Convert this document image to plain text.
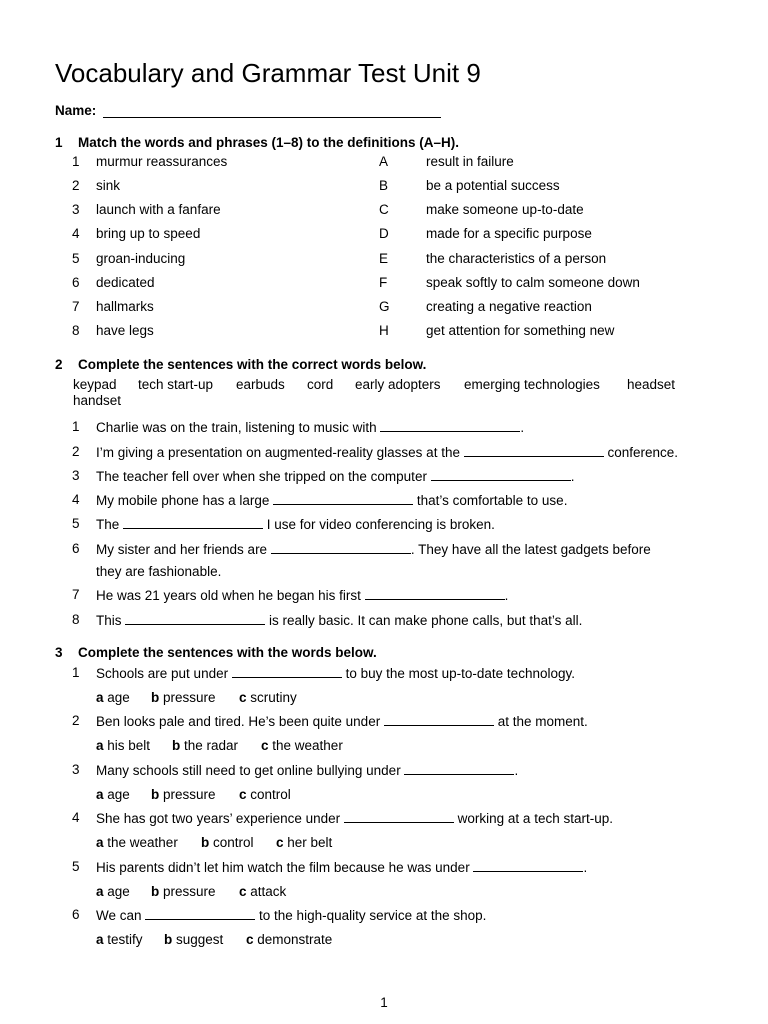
Vocabulary and Grammar Test Unit 9
Name:
1 Match the words and phrases (1–8) to the definitions (A–H).
1 murmur reassurances	A	result in failure
2 sink	B	be a potential success
3 launch with a fanfare	C	make someone up-to-date
4 bring up to speed	D	made for a specific purpose
5 groan-inducing	E	the characteristics of a person
6 dedicated	F	speak softly to calm someone down
7 hallmarks	G	creating a negative reaction
8 have legs	H	get attention for something new
2 Complete the sentences with the correct words below.
keypad tech start-up earbuds cord early adopters emerging technologies headset
handset
1 Charlie was on the train, listening to music with	.
2 I’m giving a presentation on augmented-reality glasses at the	conference.
3 The teacher fell over when she tripped on the computer	.
4 My mobile phone has a large	that’s comfortable to use.
5 The	I use for video conferencing is broken.
6 My sister and her friends are	. They have all the latest gadgets before
they are fashionable.
7 He was 21 years old when he began his first	.
8 This	is really basic. It can make phone calls, but that’s all.
3 Complete the sentences with the words below.
1 Schools are put under	to buy the most up-to-date technology.
a age b pressure c scrutiny
2 Ben looks pale and tired. He’s been quite under	at the moment.
a his belt b the radar c the weather
3 Many schools still need to get online bullying under	.
a age b pressure c control
4 She has got two years’ experience under	working at a tech start-up.
a the weather b control c her belt
5 His parents didn’t let him watch the film because he was under	.
a age b pressure c attack
6 We can	to the high-quality service at the shop.
a testify b suggest c demonstrate
1
